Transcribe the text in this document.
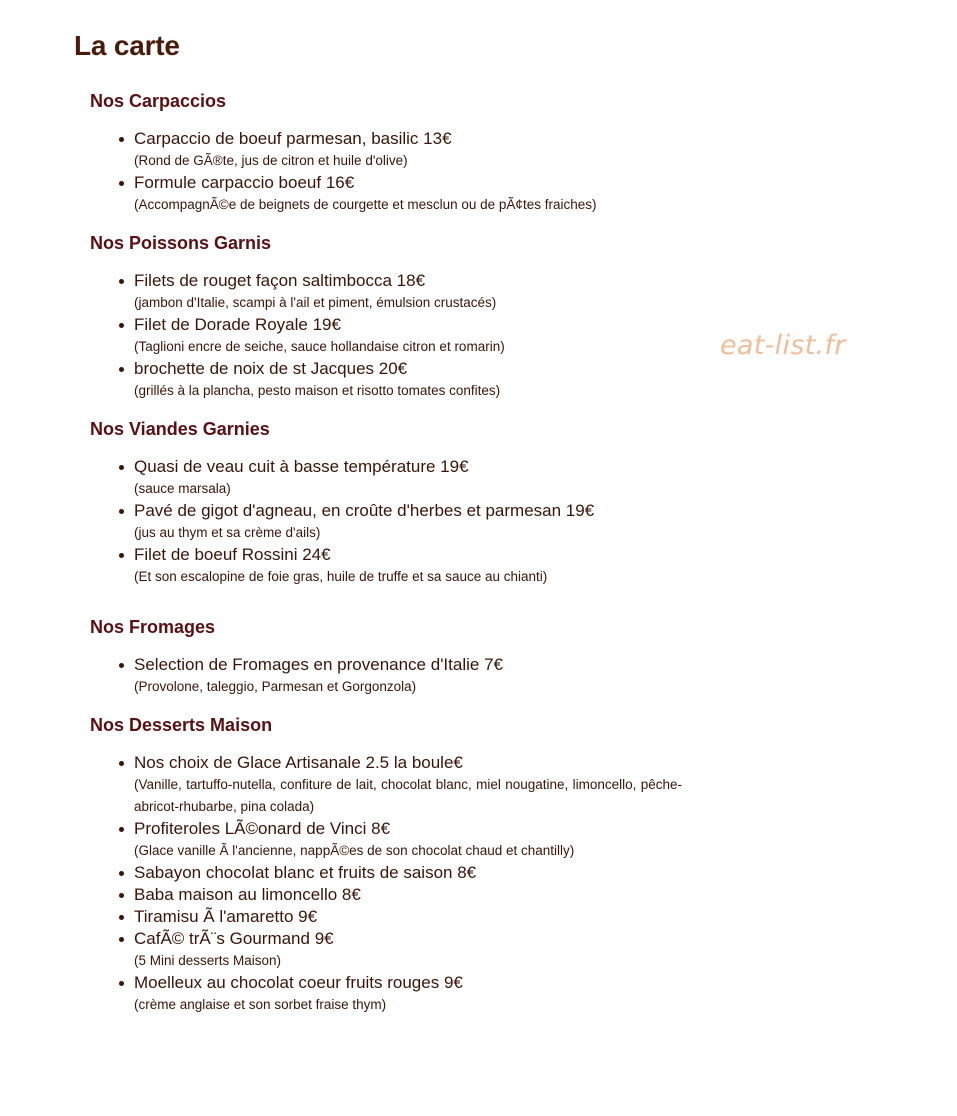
La carte
Nos Carpaccios
Carpaccio de boeuf parmesan, basilic 13€
(Rond de GÃ®te, jus de citron et huile d'olive)
Formule carpaccio boeuf 16€
(AccompagnÃ©e de beignets de courgette et mesclun ou de pÃ¢tes fraiches)
Nos Poissons Garnis
Filets de rouget façon saltimbocca 18€
(jambon d'Italie, scampi à l'ail et piment, émulsion crustacés)
Filet de Dorade Royale 19€
(Taglioni encre de seiche, sauce hollandaise citron et romarin)
brochette de noix de st Jacques 20€
(grillés à la plancha, pesto maison et risotto tomates confites)
Nos Viandes Garnies
Quasi de veau cuit à basse température 19€
(sauce marsala)
Pavé de gigot d'agneau, en croûte d'herbes et parmesan 19€
(jus au thym et sa crème d'ails)
Filet de boeuf Rossini 24€
(Et son escalopine de foie gras, huile de truffe et sa sauce au chianti)
Nos Fromages
Selection de Fromages en provenance d'Italie 7€
(Provolone, taleggio, Parmesan et Gorgonzola)
Nos Desserts Maison
Nos choix de Glace Artisanale 2.5 la boule€
(Vanille, tartuffo-nutella, confiture de lait, chocolat blanc, miel nougatine, limoncello, pêche-abricot-rhubarbe, pina colada)
Profiteroles LÃ©onard de Vinci 8€
(Glace vanille Ã l'ancienne, nappÃ©es de son chocolat chaud et chantilly)
Sabayon chocolat blanc et fruits de saison 8€
Baba maison au limoncello 8€
Tiramisu Ã l'amaretto 9€
CafÃ© trÃ¨s Gourmand 9€
(5 Mini desserts Maison)
Moelleux au chocolat coeur fruits rouges 9€
(crème anglaise et son sorbet fraise thym)
eat-list.fr
